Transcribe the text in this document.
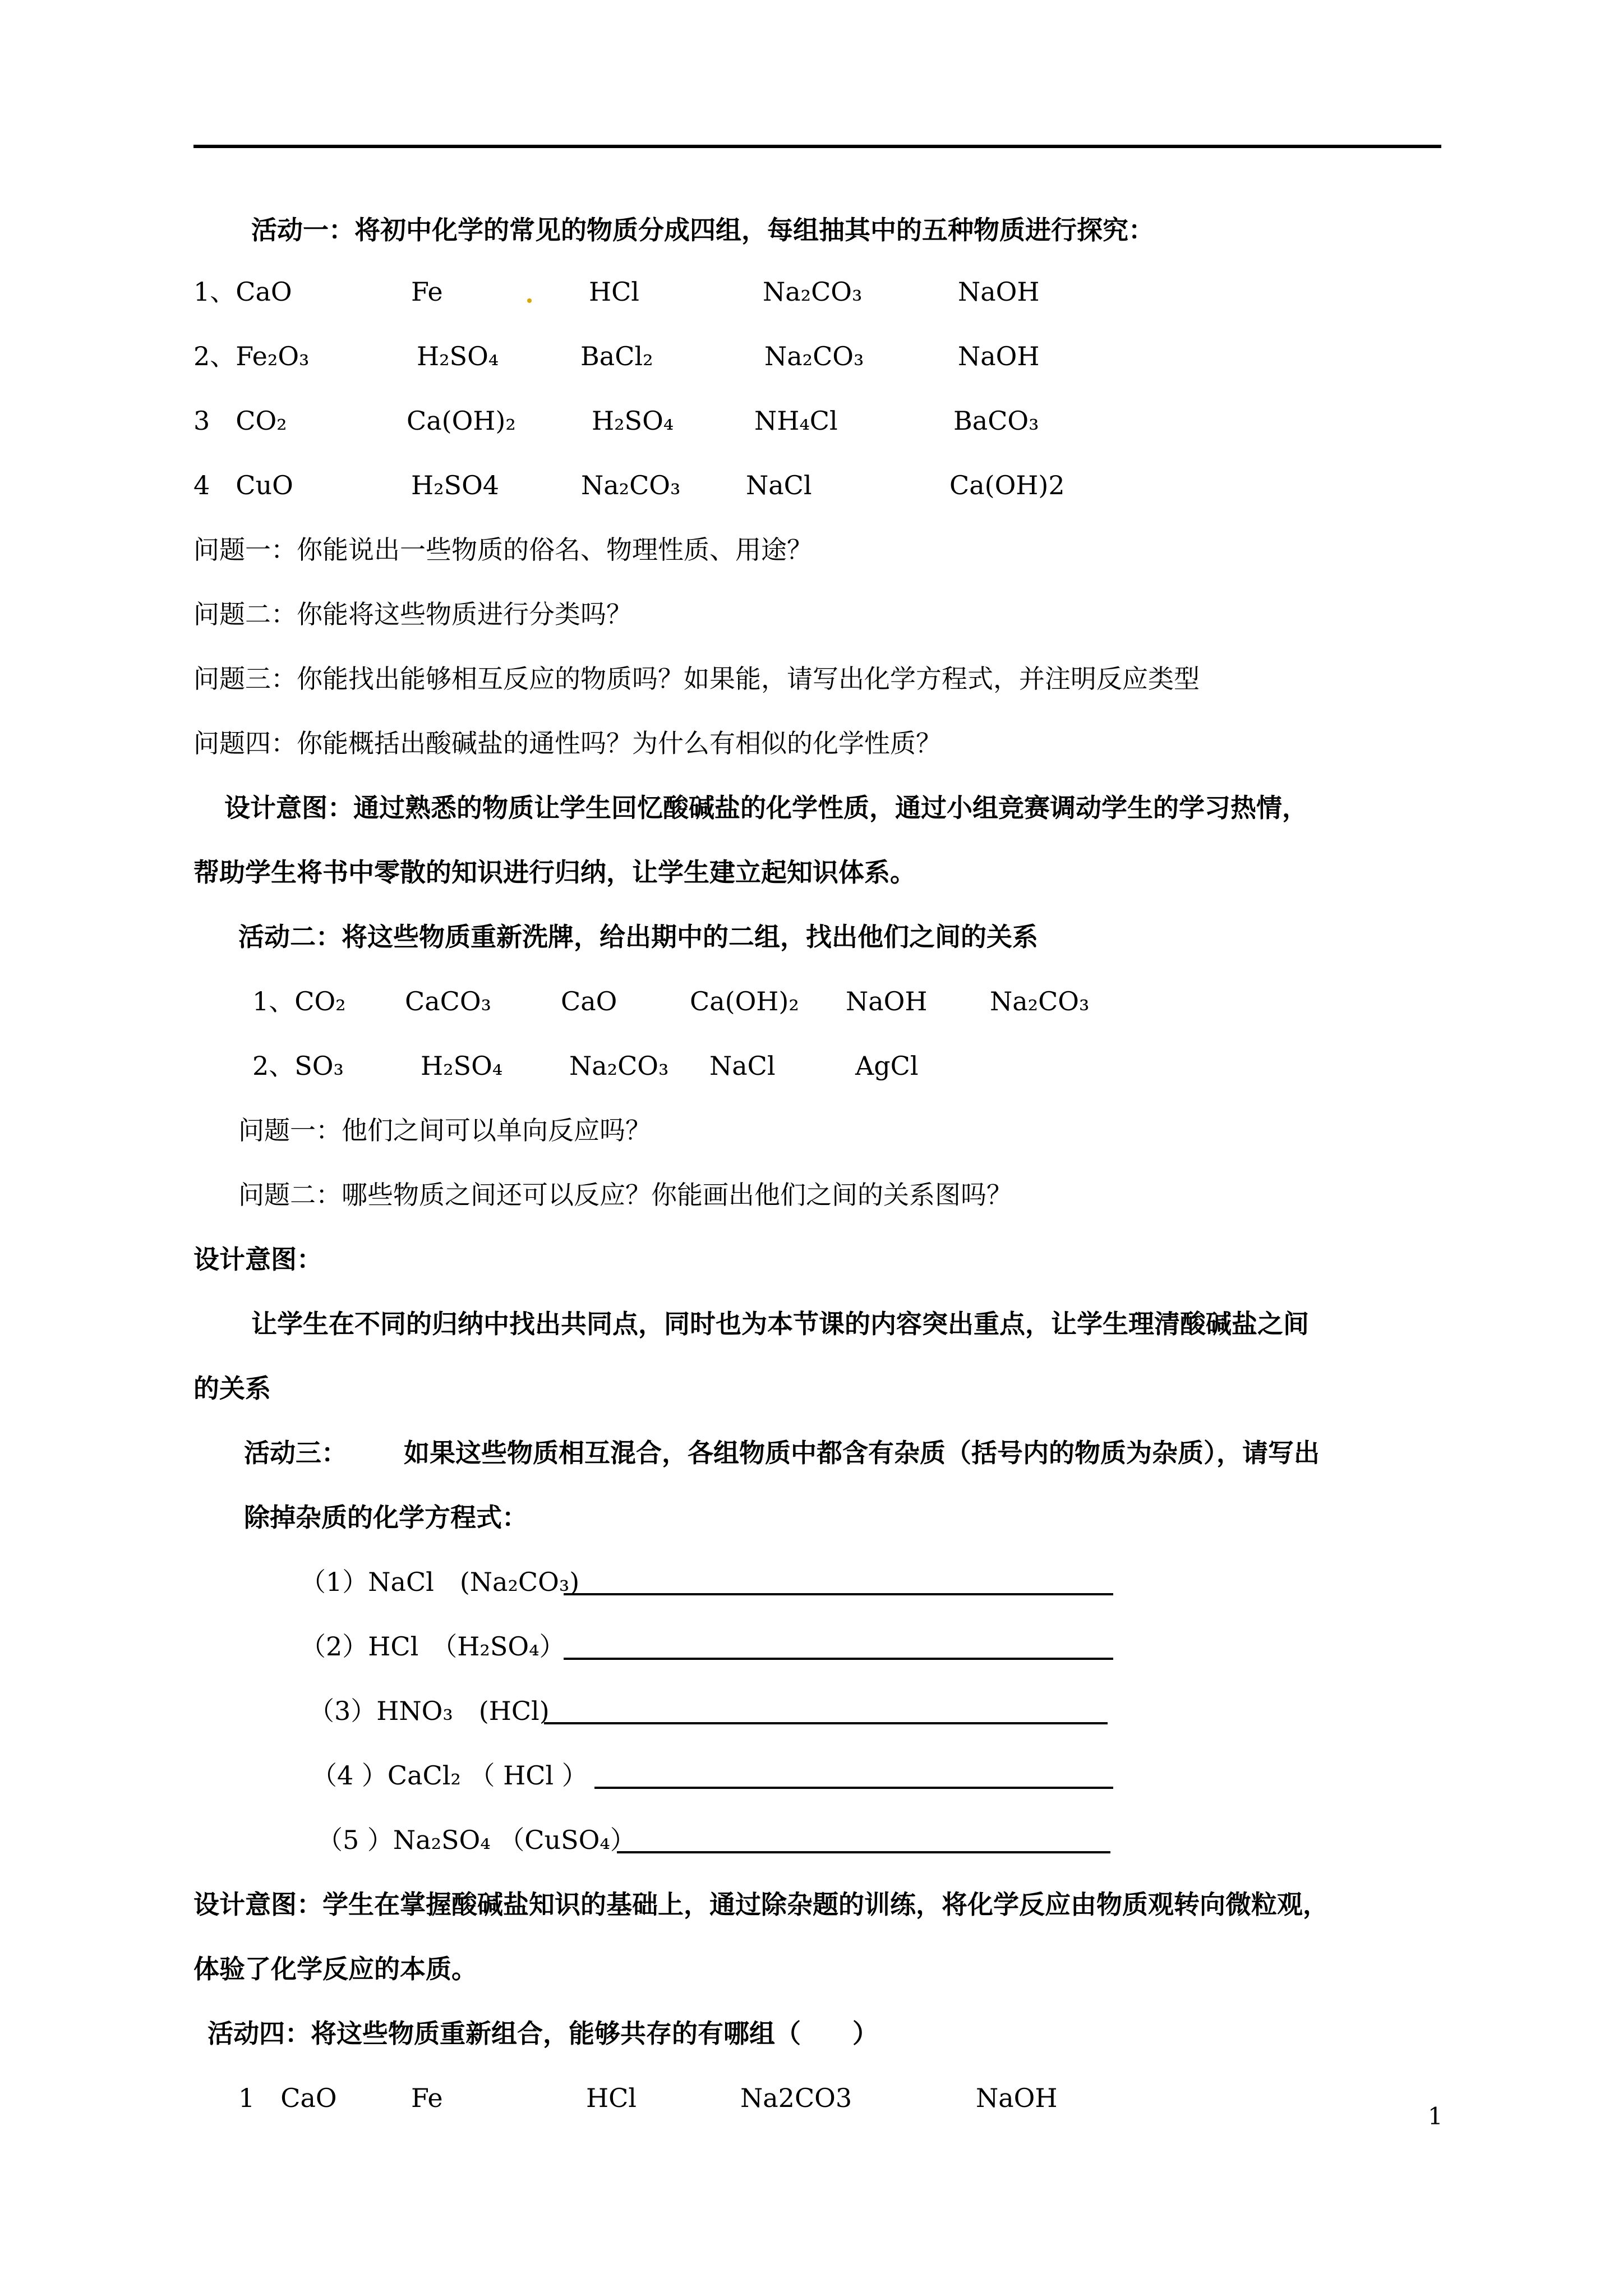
活动一：将初中化学的常见的物质分成四组，每组抽其中的五种物质进行探究：
1、CaO	Fe	HCl	Na₂CO₃	NaOH
2、Fe₂O₃	H₂SO₄	BaCl₂	Na₂CO₃	NaOH
3　CO₂	Ca(OH)₂	H₂SO₄	NH₄Cl	BaCO₃
4　CuO	H₂SO4	Na₂CO₃	NaCl	Ca(OH)2
问题一：你能说出一些物质的俗名、物理性质、用途？
问题二：你能将这些物质进行分类吗？
问题三：你能找出能够相互反应的物质吗？如果能，请写出化学方程式，并注明反应类型
问题四：你能概括出酸碱盐的通性吗？为什么有相似的化学性质？
设计意图：通过熟悉的物质让学生回忆酸碱盐的化学性质，通过小组竞赛调动学生的学习热情，
帮助学生将书中零散的知识进行归纳，让学生建立起知识体系。
活动二：将这些物质重新洗牌，给出期中的二组，找出他们之间的关系
1、CO₂ CaCO₃	CaO	Ca(OH)₂ NaOH Na₂CO₃
2、SO₃	H₂SO₄	Na₂CO₃ NaCl	AgCl
问题一：他们之间可以单向反应吗？
问题二：哪些物质之间还可以反应？你能画出他们之间的关系图吗？
设计意图：
让学生在不同的归纳中找出共同点，同时也为本节课的内容突出重点，让学生理清酸碱盐之间
的关系
活动三： 如果这些物质相互混合，各组物质中都含有杂质（括号内的物质为杂质），请写出
除掉杂质的化学方程式：
（1）NaCl　(Na₂CO₃)
（2）HCl　（H₂SO₄）
（3）HNO₃　(HCl)
（4 ）CaCl₂ （ HCl ）
（5 ）Na₂SO₄ （CuSO₄）
设计意图：学生在掌握酸碱盐知识的基础上，通过除杂题的训练，将化学反应由物质观转向微粒观，
体验了化学反应的本质。
活动四：将这些物质重新组合，能够共存的有哪组（　　）
1　CaO	Fe	HCl	Na2CO3	NaOH
1
